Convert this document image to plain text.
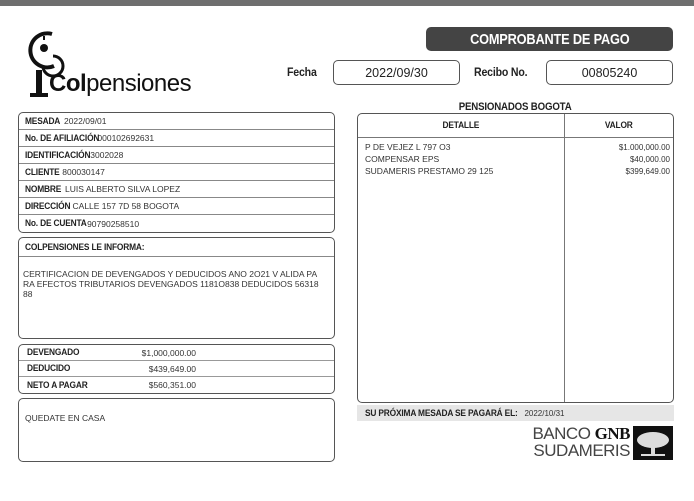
Colpensiones
COMPROBANTE DE PAGO
Fecha	2022/09/30	Recibo No.	00805240
PENSIONADOS BOGOTA
MESADA 2022/09/01
No. DE AFILIACIÓN
000102692631
IDENTIFICACIÓN 3002028
CLIENTE 800030147
NOMBRE LUIS ALBERTO SILVA LOPEZ
DIRECCIÓN CALLE 157 7D 58 BOGOTA
No. DE CUENTA 90790258510
COLPENSIONES LE INFORMA:
CERTIFICACION DE DEVENGADOS Y DEDUCIDOS ANO 2O21 V ALIDA PARA EFECTOS TRIBUTARIOS DEVENGADOS 1181O838 DEDUCIDOS 5631888
DEVENGADO	$1,000,000.00
DEDUCIDO	$439,649.00
NETO A PAGAR	$560,351.00
QUEDATE EN CASA
DETALLE	VALOR
P DE VEJEZ L 797 O3	$1.000,000.00
COMPENSAR EPS	$40,000.00
SUDAMERIS PRESTAMO 29 125	$399,649.00
SU PRÓXIMA MESADA SE PAGARÁ EL: 2022/10/31
BANCO GNB
SUDAMERIS
